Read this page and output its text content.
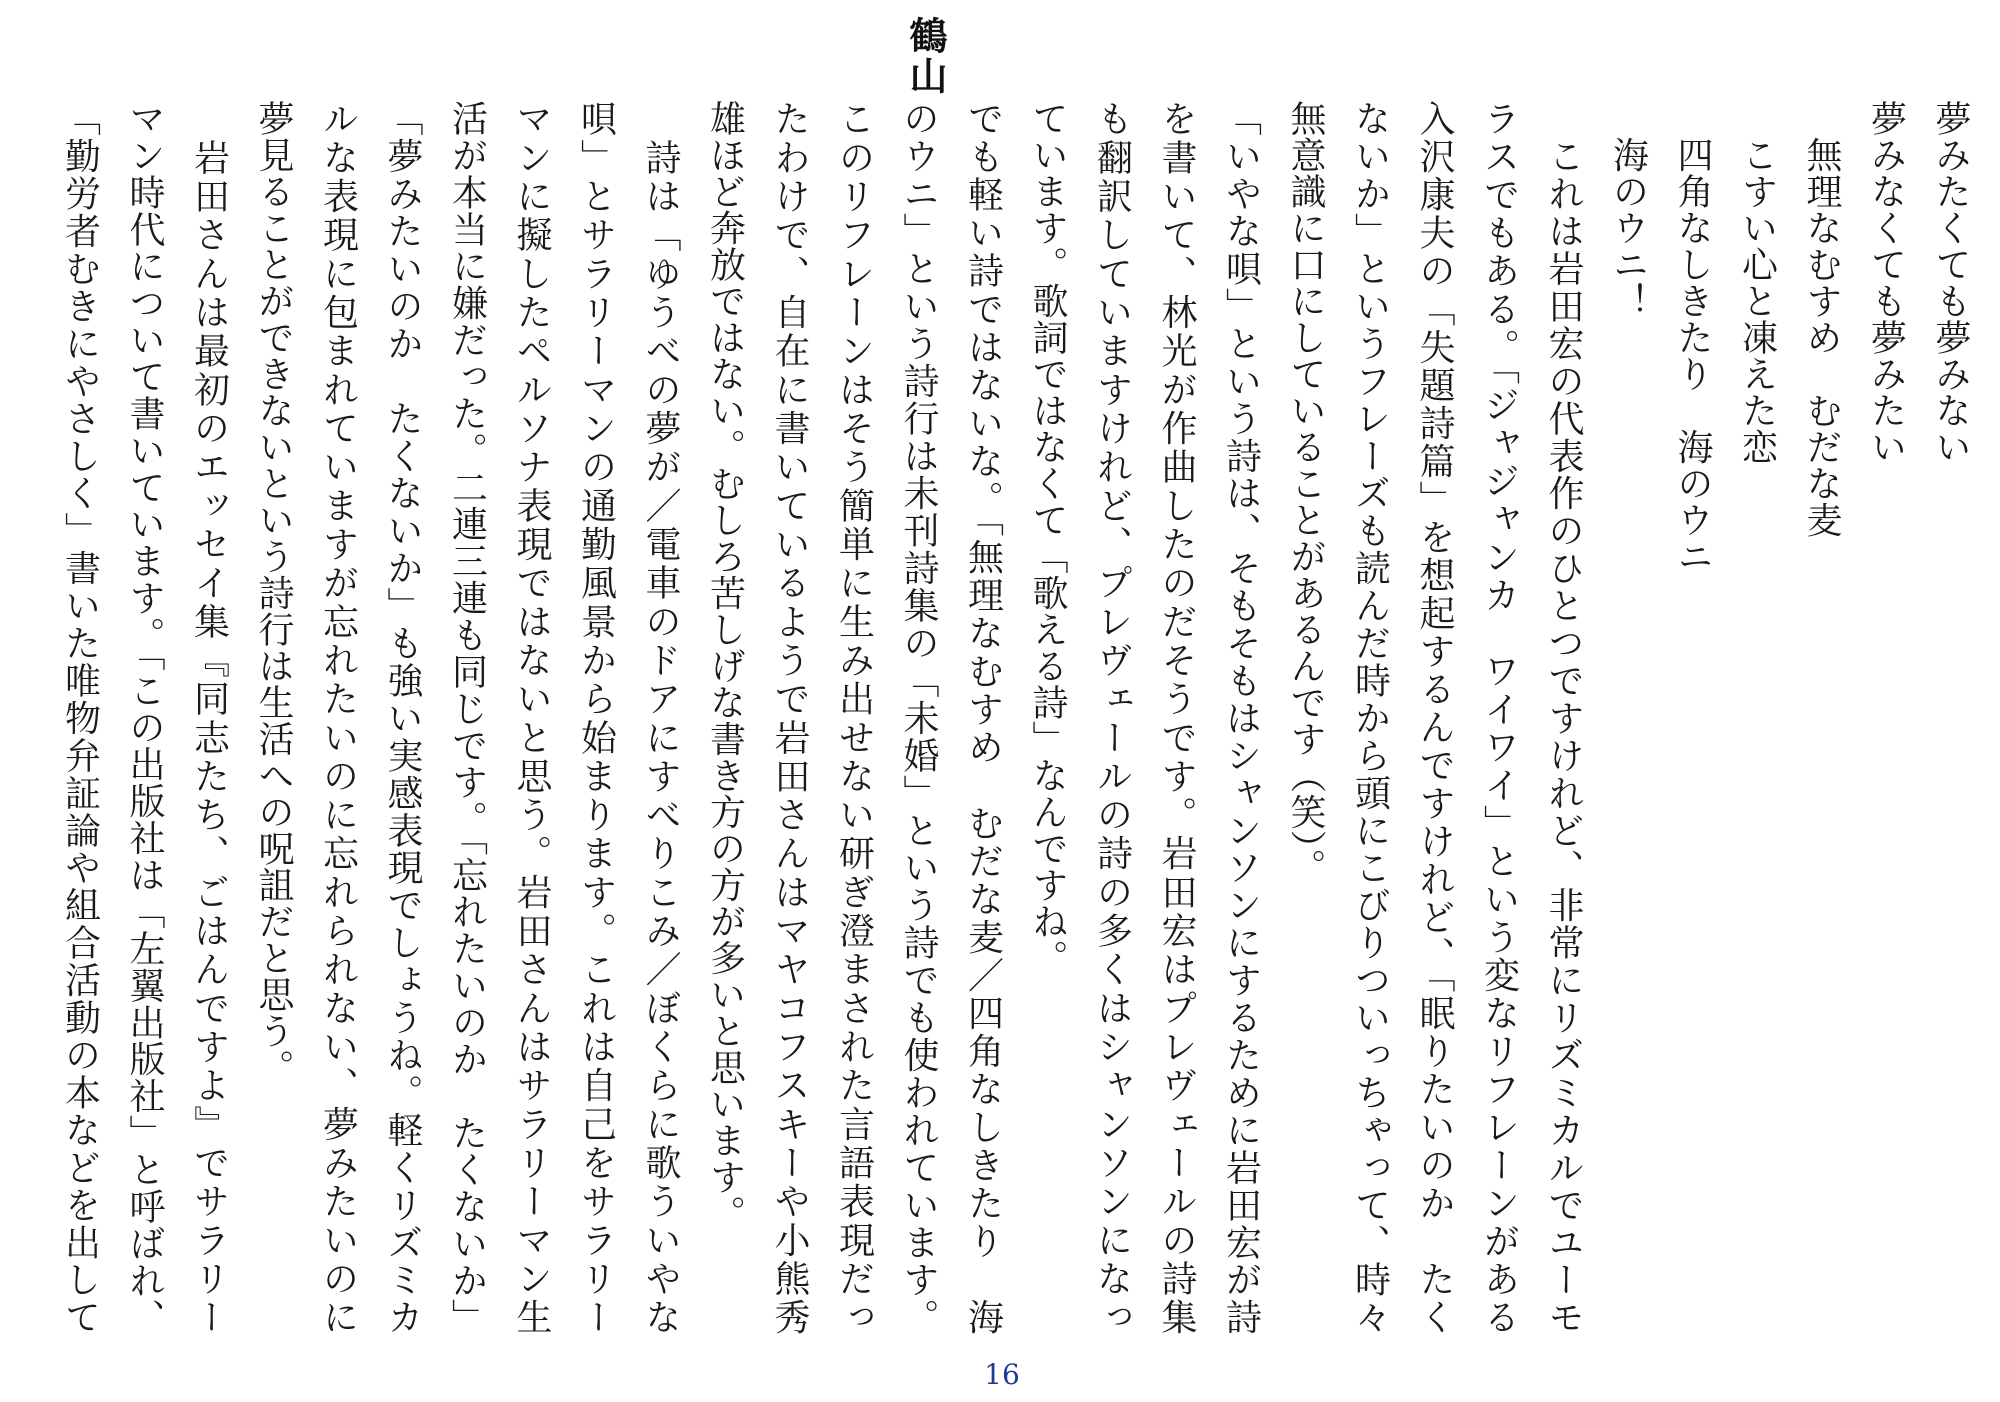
夢みたくても夢みない
夢みなくても夢みたい
　無理なむすめ　むだな麦
　こすい心と凍えた恋
　四角なしきたり　海のウニ
　海のウニ！
　これは岩田宏の代表作のひとつですけれど、非常にリズミカルでユーモ
ラスでもある。「ジャジャンカ　ワイワイ」という変なリフレーンがある
入沢康夫の「失題詩篇」を想起するんですけれど、「眠りたいのか　たく
ないか」というフレーズも読んだ時から頭にこびりついっちゃって、時々
無意識に口にしていることがあるんです（笑）。
「いやな唄」という詩は、そもそもはシャンソンにするために岩田宏が詩
を書いて、林光が作曲したのだそうです。岩田宏はプレヴェールの詩集
も翻訳していますけれど、プレヴェールの詩の多くはシャンソンになっ
ています。歌詞ではなくて「歌える詩」なんですね。
でも軽い詩ではないな。「無理なむすめ　むだな麦／四角なしきたり　海
のウニ」という詩行は未刊詩集の「未婚」という詩でも使われています。
このリフレーンはそう簡単に生み出せない研ぎ澄まされた言語表現だっ
たわけで、自在に書いているようで岩田さんはマヤコフスキーや小熊秀
雄ほど奔放ではない。むしろ苦しげな書き方の方が多いと思います。
　詩は「ゆうべの夢が／電車のドアにすべりこみ／ぼくらに歌ういやな
唄」とサラリーマンの通勤風景から始まります。これは自己をサラリー
マンに擬したペルソナ表現ではないと思う。岩田さんはサラリーマン生
活が本当に嫌だった。二連三連も同じです。「忘れたいのか　たくないか」
「夢みたいのか　たくないか」も強い実感表現でしょうね。軽くリズミカ
ルな表現に包まれていますが忘れたいのに忘れられない、夢みたいのに
夢見ることができないという詩行は生活への呪詛だと思う。
　岩田さんは最初のエッセイ集『同志たち、ごはんですよ』でサラリー
マン時代について書いています。「この出版社は「左翼出版社」と呼ばれ、
「勤労者むきにやさしく」書いた唯物弁証論や組合活動の本などを出して
鶴山
16
